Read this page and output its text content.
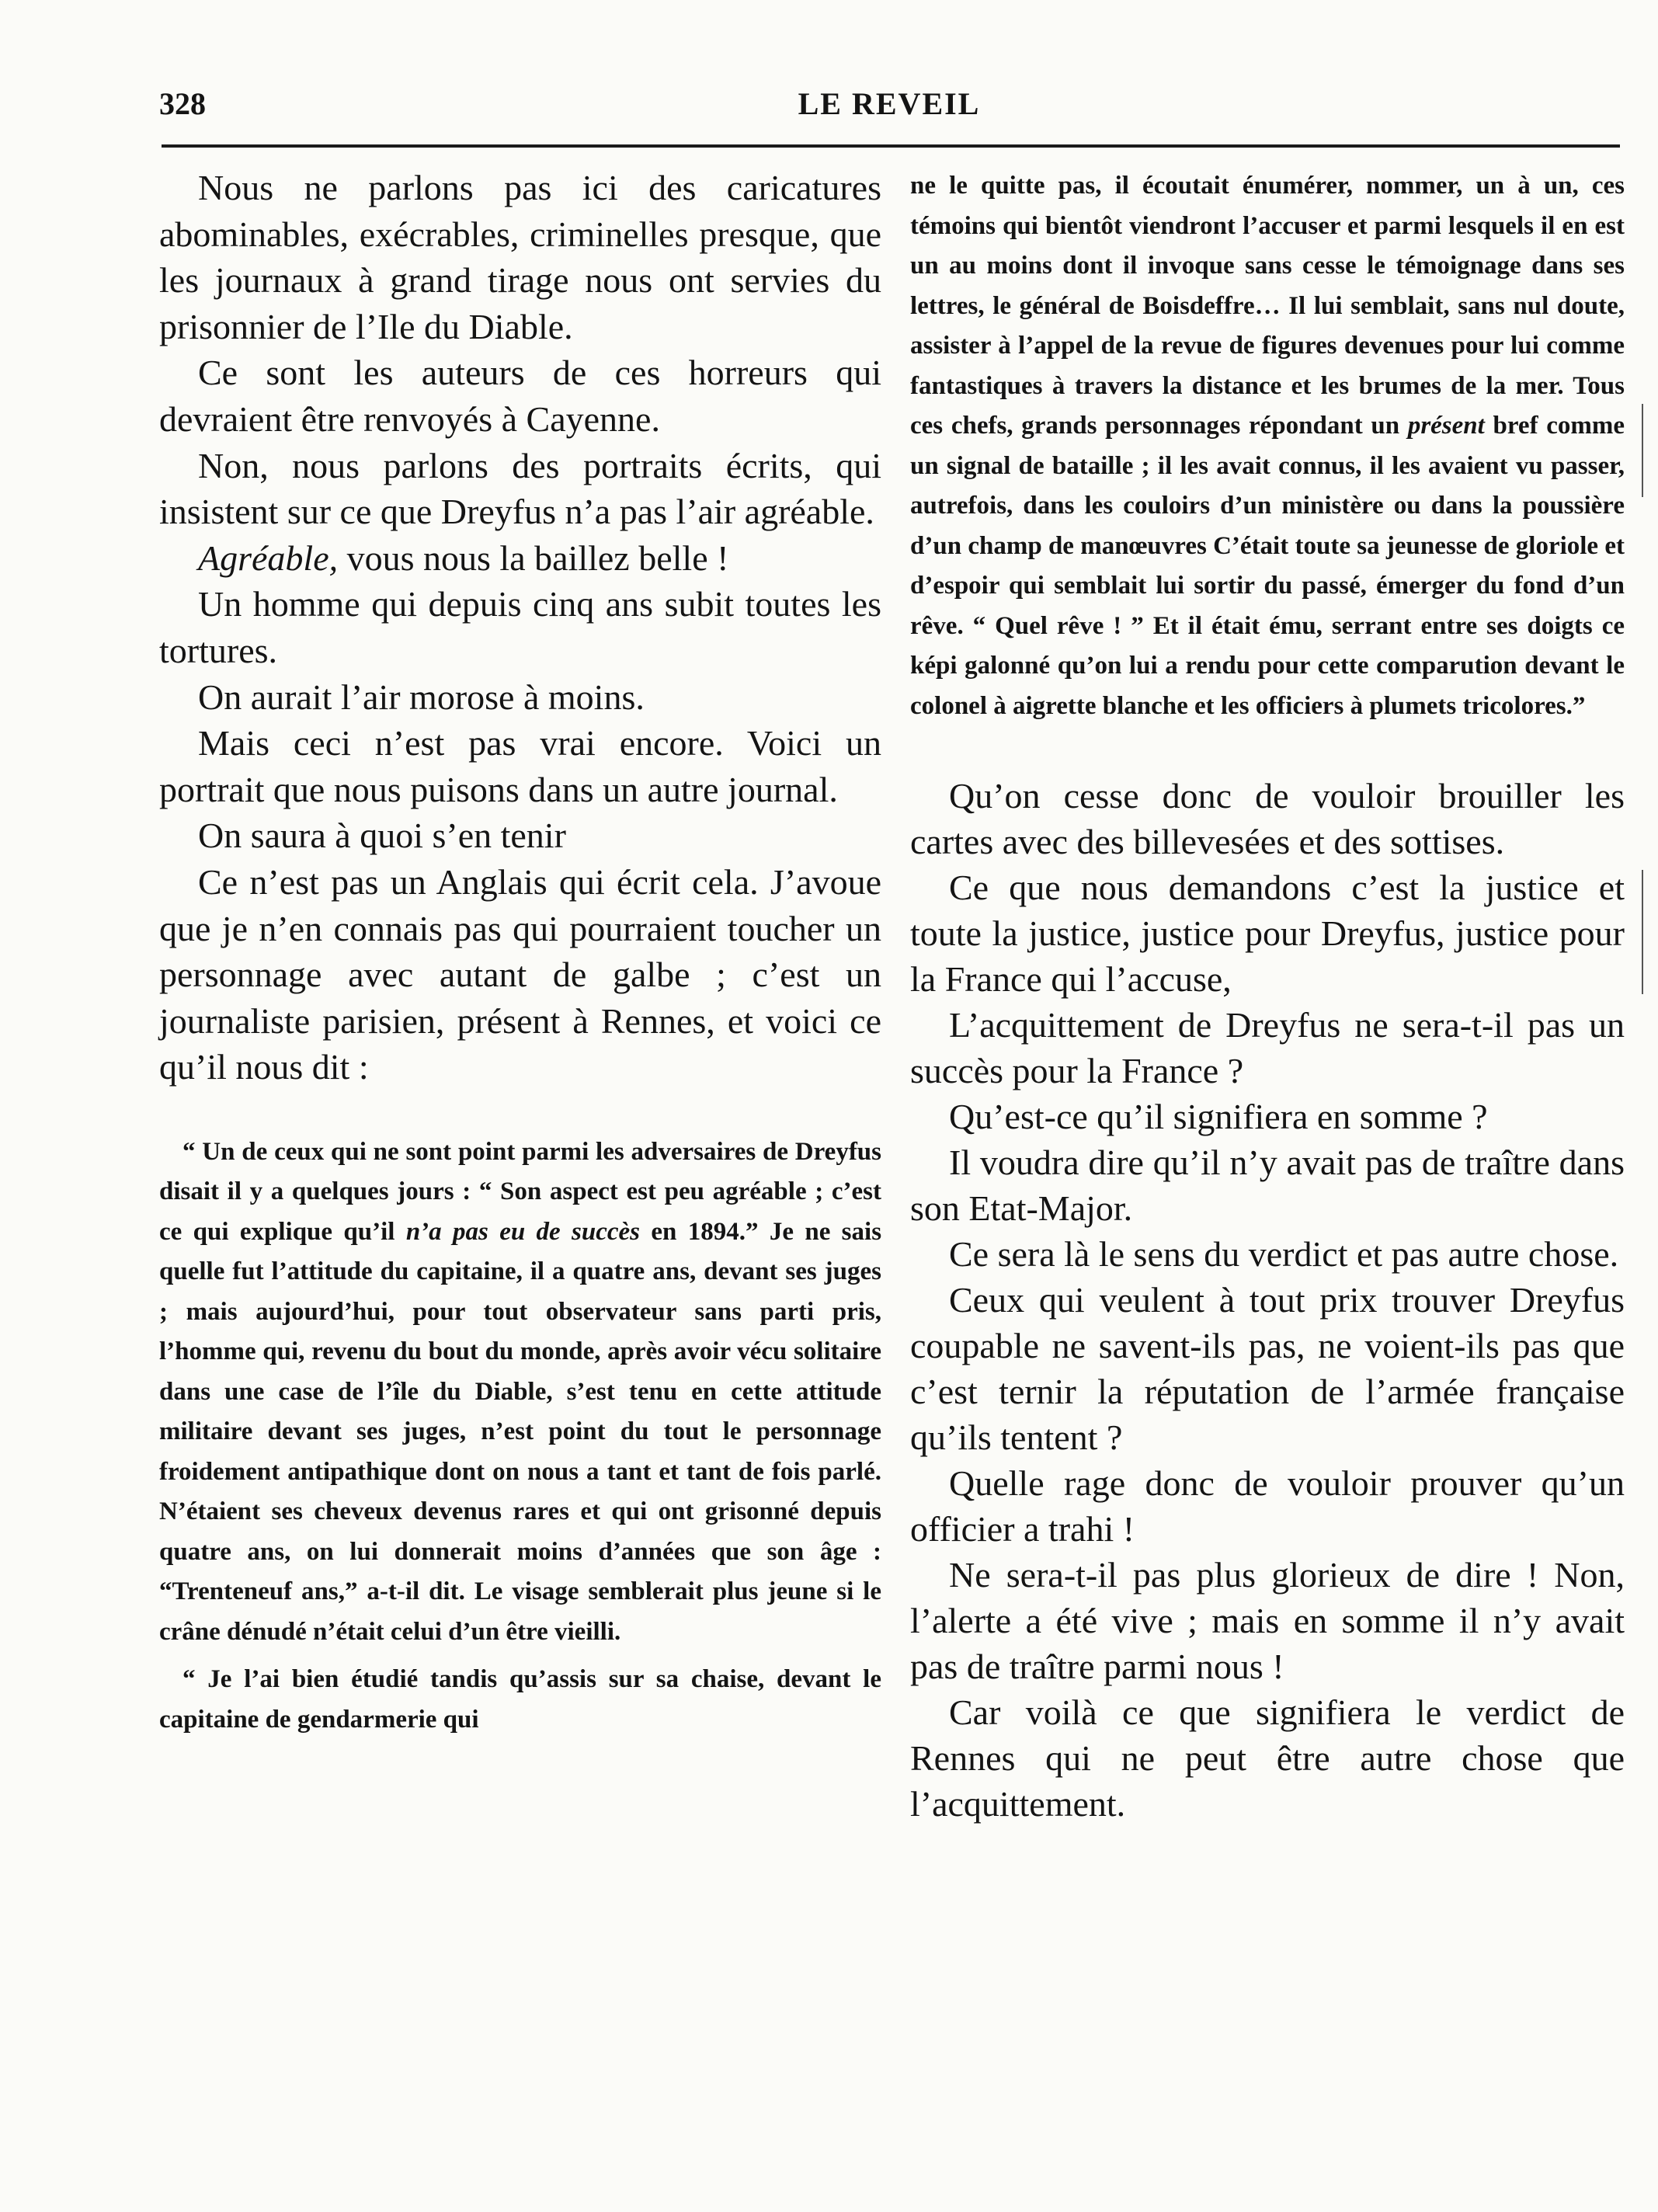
328	LE REVEIL

Nous ne parlons pas ici des caricatures abominables, exécrables, criminelles presque, que les journaux à grand tirage nous ont servies du prisonnier de l’Ile du Diable.

Ce sont les auteurs de ces horreurs qui devraient être renvoyés à Cayenne.

Non, nous parlons des portraits écrits, qui insistent sur ce que Dreyfus n’a pas l’air agréable.

Agréable, vous nous la baillez belle !

Un homme qui depuis cinq ans subit toutes les tortures.

On aurait l’air morose à moins.

Mais ceci n’est pas vrai encore. Voici un portrait que nous puisons dans un autre journal.

On saura à quoi s’en tenir

Ce n’est pas un Anglais qui écrit cela. J’avoue que je n’en connais pas qui pourraient toucher un personnage avec autant de galbe ; c’est un journaliste parisien, présent à Rennes, et voici ce qu’il nous dit :

“ Un de ceux qui ne sont point parmi les adversaires de Dreyfus disait il y a quelques jours : “ Son aspect est peu agréable ; c’est ce qui explique qu’il n’a pas eu de succès en 1894.” Je ne sais quelle fut l’attitude du capitaine, il a quatre ans, devant ses juges ; mais aujourd’hui, pour tout observateur sans parti pris, l’homme qui, revenu du bout du monde, après avoir vécu solitaire dans une case de l’île du Diable, s’est tenu en cette attitude militaire devant ses juges, n’est point du tout le personnage froidement antipathique dont on nous a tant et tant de fois parlé. N’étaient ses cheveux devenus rares et qui ont grisonné depuis quatre ans, on lui donnerait moins d’années que son âge : “Trenteneuf ans,” a-t-il dit. Le visage semblerait plus jeune si le crâne dénudé n’était celui d’un être vieilli.

“ Je l’ai bien étudié tandis qu’assis sur sa chaise, devant le capitaine de gendarmerie qui

ne le quitte pas, il écoutait énumérer, nommer, un à un, ces témoins qui bientôt viendront l’accuser et parmi lesquels il en est un au moins dont il invoque sans cesse le témoignage dans ses lettres, le général de Boisdeffre… Il lui semblait, sans nul doute, assister à l’appel de la revue de figures devenues pour lui comme fantastiques à travers la distance et les brumes de la mer. Tous ces chefs, grands personnages répondant un présent bref comme un signal de bataille ; il les avait connus, il les avaient vu passer, autrefois, dans les couloirs d’un ministère ou dans la poussière d’un champ de manœuvres C’était toute sa jeunesse de gloriole et d’espoir qui semblait lui sortir du passé, émerger du fond d’un rêve. “ Quel rêve ! ” Et il était ému, serrant entre ses doigts ce képi galonné qu’on lui a rendu pour cette comparution devant le colonel à aigrette blanche et les officiers à plumets tricolores.”

Qu’on cesse donc de vouloir brouiller les cartes avec des billevesées et des sottises.

Ce que nous demandons c’est la justice et toute la justice, justice pour Dreyfus, justice pour la France qui l’accuse,

L’acquittement de Dreyfus ne sera-t-il pas un succès pour la France ?

Qu’est-ce qu’il signifiera en somme ?

Il voudra dire qu’il n’y avait pas de traître dans son Etat-Major.

Ce sera là le sens du verdict et pas autre chose.

Ceux qui veulent à tout prix trouver Dreyfus coupable ne savent-ils pas, ne voient-ils pas que c’est ternir la réputation de l’armée française qu’ils tentent ?

Quelle rage donc de vouloir prouver qu’un officier a trahi !

Ne sera-t-il pas plus glorieux de dire ! Non, l’alerte a été vive ; mais en somme il n’y avait pas de traître parmi nous !

Car voilà ce que signifiera le verdict de Rennes qui ne peut être autre chose que l’acquittement.
